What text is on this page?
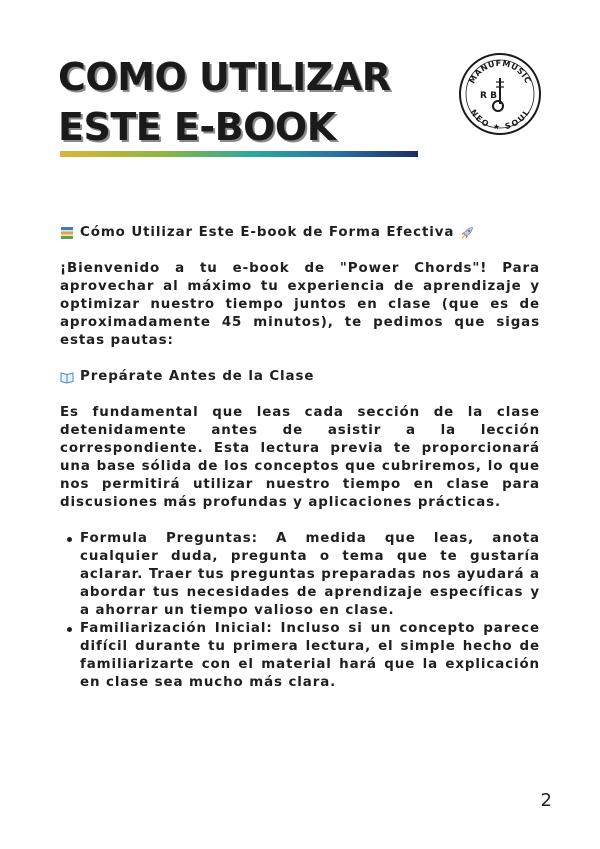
COMO UTILIZAR
ESTE E-BOOK
MANUFMUSIC
NEO ★ SOUL
R B

Cómo Utilizar Este E-book de Forma Efectiva

¡Bienvenido a tu e-book de "Power Chords"! Para aprovechar al máximo tu experiencia de aprendizaje y optimizar nuestro tiempo juntos en clase (que es de aproximadamente 45 minutos), te pedimos que sigas estas pautas:

Prepárate Antes de la Clase

Es fundamental que leas cada sección de la clase detenidamente antes de asistir a la lección correspondiente. Esta lectura previa te proporcionará una base sólida de los conceptos que cubriremos, lo que nos permitirá utilizar nuestro tiempo en clase para discusiones más profundas y aplicaciones prácticas.

Formula Preguntas: A medida que leas, anota cualquier duda, pregunta o tema que te gustaría aclarar. Traer tus preguntas preparadas nos ayudará a abordar tus necesidades de aprendizaje específicas y a ahorrar un tiempo valioso en clase.
Familiarización Inicial: Incluso si un concepto parece difícil durante tu primera lectura, el simple hecho de familiarizarte con el material hará que la explicación en clase sea mucho más clara.
2
